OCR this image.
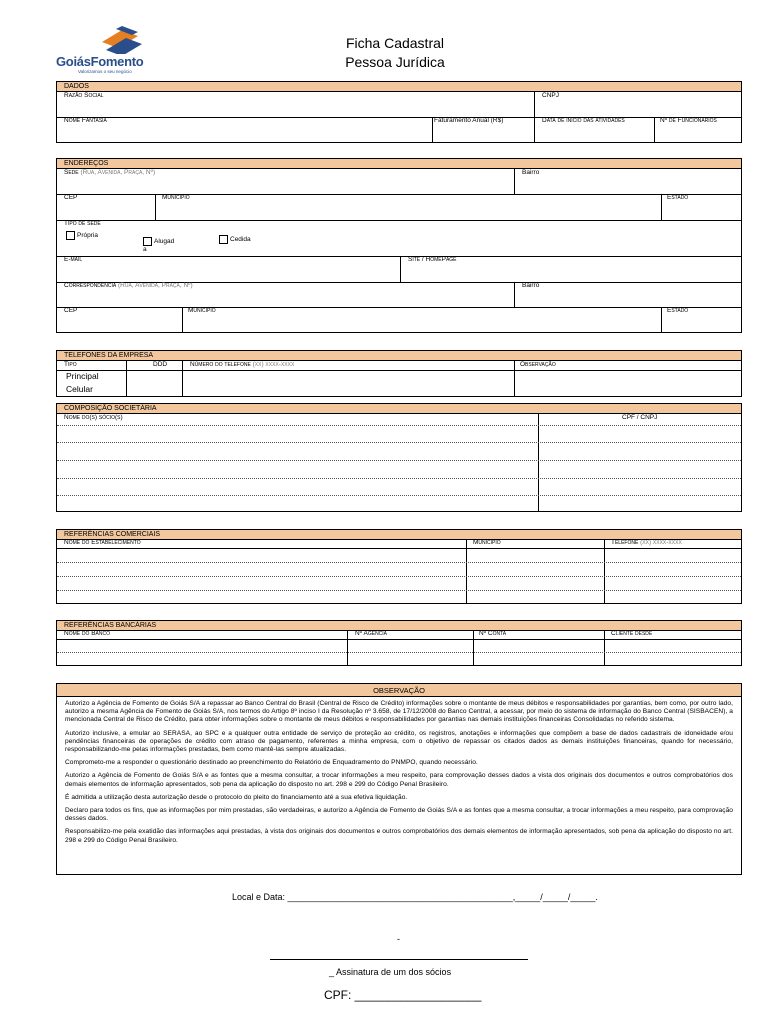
GoiásFomento
Valorizamos o seu negócio
Ficha Cadastral
Pessoa Jurídica
DADOS
Razão Social	CNPJ
Nome Fantasia	Faturamento Anual (R$)	Data de início das atividades	Nº de Funcionários
ENDEREÇOS
Sede (Rua, Avenida, Praça, Nº)	Bairro
CEP	Município	Estado
Tipo de sede
Própria
Alugad
a
Cedida
E-mail	Site / HomePage
Correspondência (Rua, Avenida, Praça, Nº)	Bairro
CEP	Município	Estado
TELEFONES DA EMPRESA
Tipo	DDD	Número do telefone (xx) xxxx-xxxx	Observação
Principal
Celular
COMPOSIÇÃO SOCIETÁRIA
Nome do(s) sócio(s)	CPF / CNPJ
REFERÊNCIAS COMERCIAIS
Nome do Estabelecimento	Município	Telefone (xx) xxxx-xxxx
REFERÊNCIAS BANCÁRIAS
Nome do Banco	Nº Agência	Nº Conta	Cliente desde
OBSERVAÇÃO

Autorizo a Agência de Fomento de Goiás S/A a repassar ao Banco Central do Brasil (Central de Risco de Crédito) informações sobre o montante de meus débitos e responsabilidades por garantias, bem como, por outro lado, autorizo a mesma Agência de Fomento de Goiás S/A, nos termos do Artigo 8º inciso I da Resolução nº 3.658, de 17/12/2008 do Banco Central, a acessar, por meio do sistema de informação do Banco Central (SISBACEN), a mencionada Central de Risco de Crédito, para obter informações sobre o montante de meus débitos e responsabilidades por garantias nas demais instituições financeiras Consolidadas no referido sistema.

Autorizo inclusive, a emular ao SERASA, ao SPC e a qualquer outra entidade de serviço de proteção ao crédito, os registros, anotações e informações que compõem a base de dados cadastrais de idoneidade e/ou pendências financeiras de operações de crédito com atraso de pagamento, referentes a minha empresa, com o objetivo de repassar os citados dados as demais instituições financeiras, quando for necessário, responsabilizando-me pelas informações prestadas, bem como mantê-las sempre atualizadas.

Comprometo-me a responder o questionário destinado ao preenchimento do Relatório de Enquadramento do PNMPO, quando necessário.

Autorizo a Agência de Fomento de Goiás S/A e as fontes que a mesma consultar, a trocar informações a meu respeito, para comprovação desses dados a vista dos originais dos documentos e outros comprobatórios dos demais elementos de informação apresentados, sob pena da aplicação do disposto no art. 298 e 299 do Código Penal Brasileiro.

É admitida a utilização desta autorização desde o protocolo do pleito do financiamento até a sua efetiva liquidação.

Declaro para todos os fins, que as informações por mim prestadas, são verdadeiras, e autorizo a Agência de Fomento de Goiás S/A e as fontes que a mesma consultar, a trocar informações a meu respeito, para comprovação desses dados.

Responsabilizo-me pela exatidão das informações aqui prestadas, à vista dos originais dos documentos e outros comprobatórios dos demais elementos de informação apresentados, sob pena da aplicação do disposto no art. 298 e 299 do Código Penal Brasileiro.

Local e Data: _____________________________________________,_____/_____/_____.
-
_ Assinatura de um dos sócios
CPF: ___________________
